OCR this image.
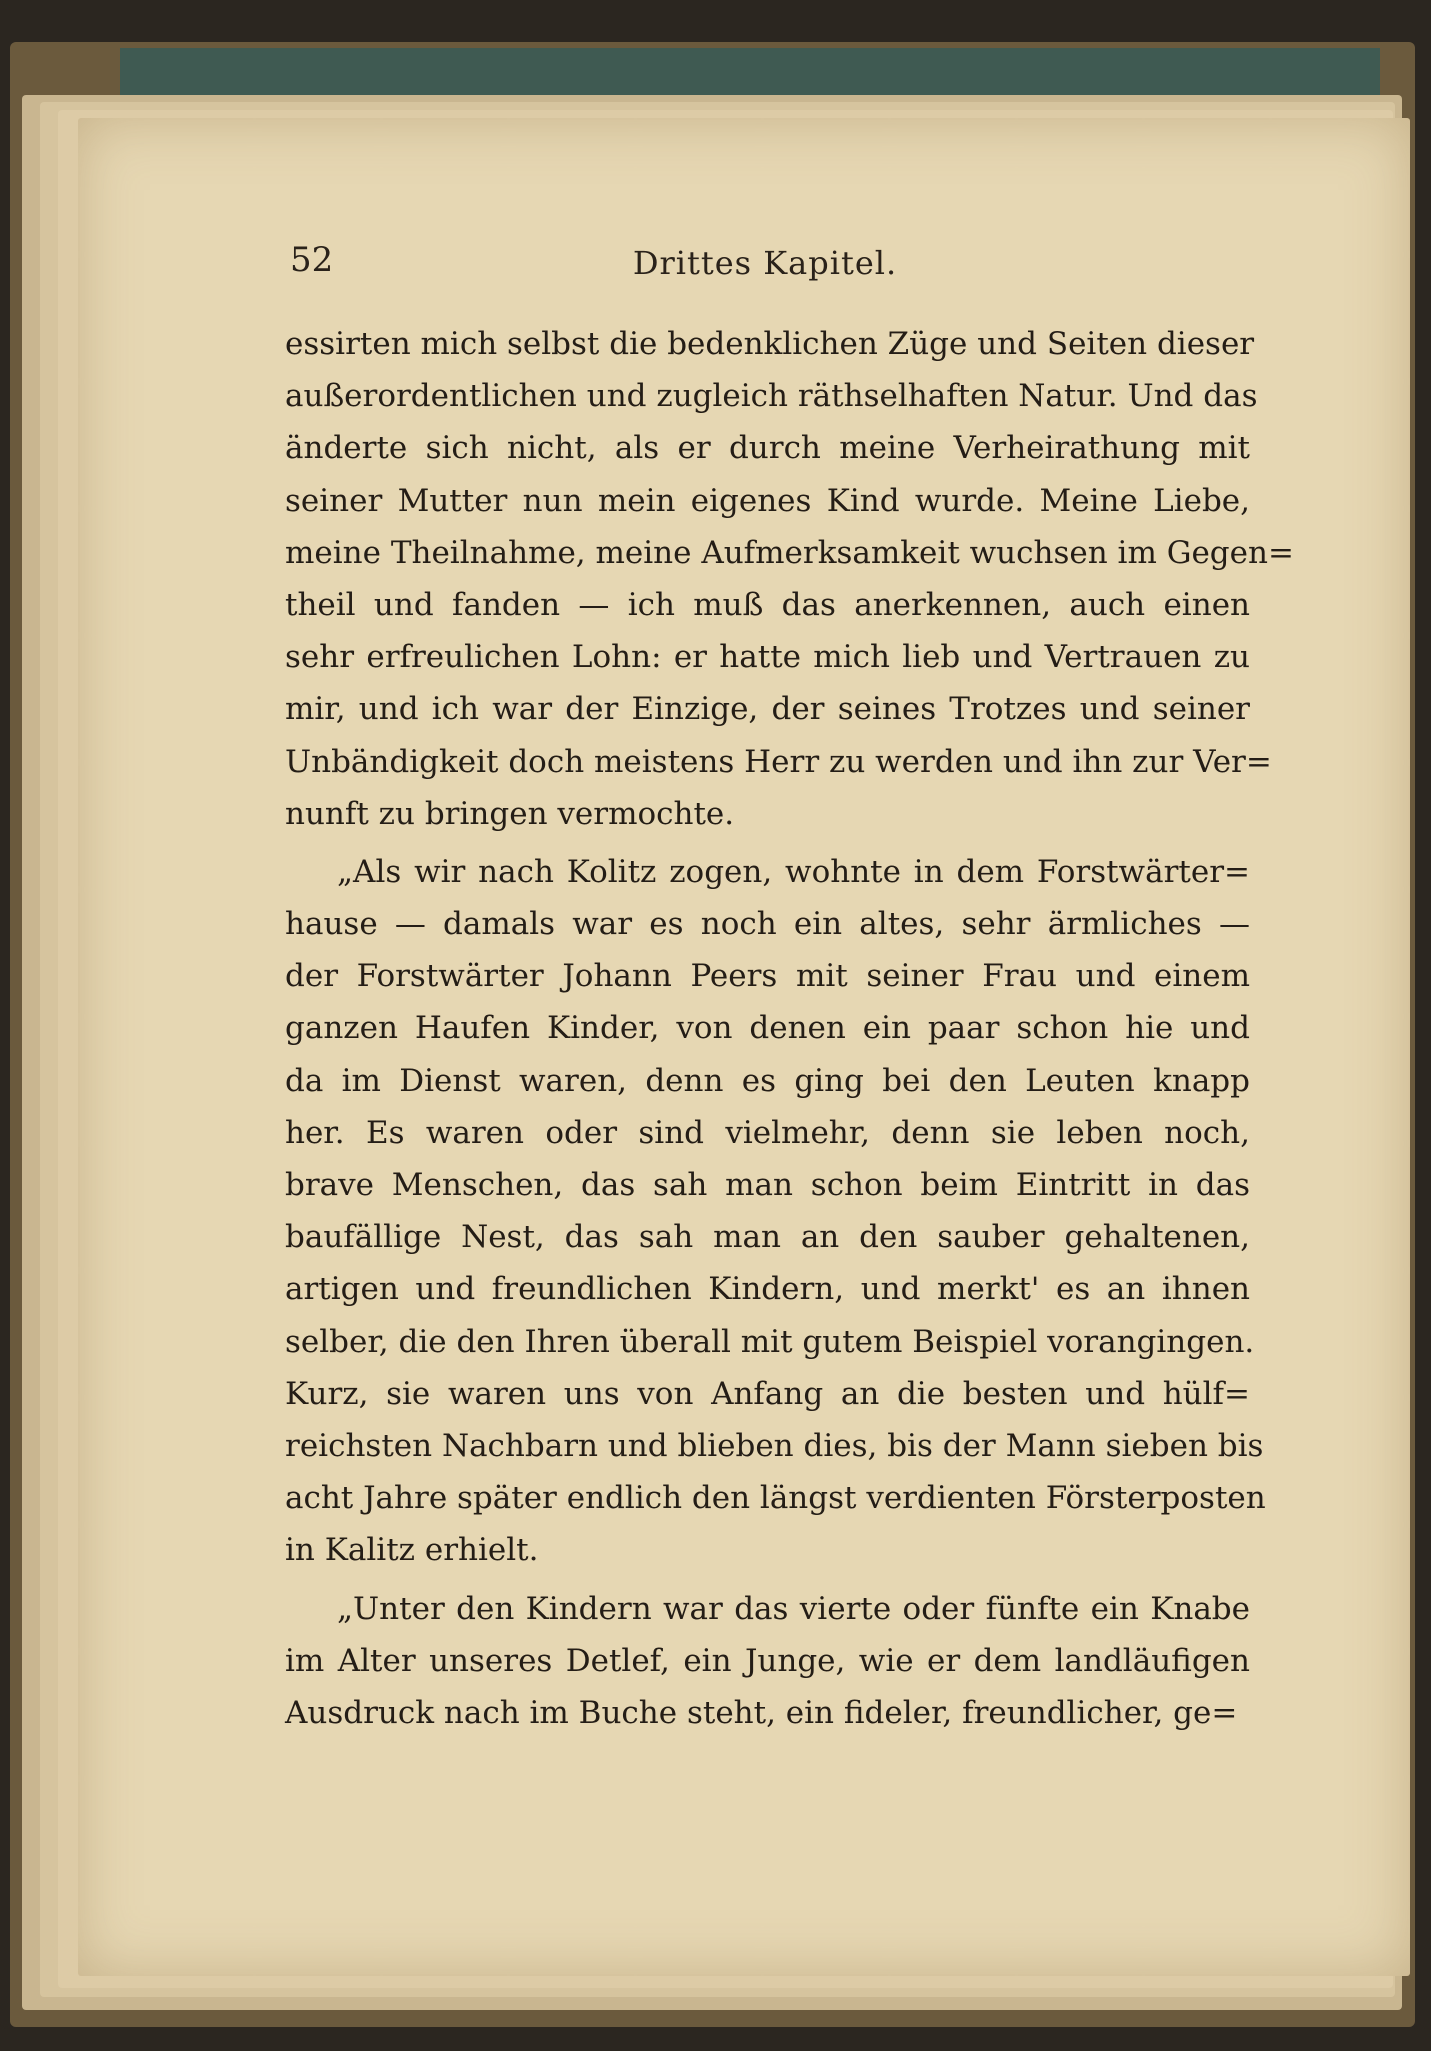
52	Drittes Kapitel.
essirten mich selbst die bedenklichen Züge und Seiten dieser
außerordentlichen und zugleich räthselhaften Natur. Und das
änderte sich nicht, als er durch meine Verheirathung mit
seiner Mutter nun mein eigenes Kind wurde. Meine Liebe,
meine Theilnahme, meine Aufmerksamkeit wuchsen im Gegen=
theil und fanden — ich muß das anerkennen, auch einen
sehr erfreulichen Lohn: er hatte mich lieb und Vertrauen zu
mir, und ich war der Einzige, der seines Trotzes und seiner
Unbändigkeit doch meistens Herr zu werden und ihn zur Ver=
nunft zu bringen vermochte.
„Als wir nach Kolitz zogen, wohnte in dem Forstwärter=
hause — damals war es noch ein altes, sehr ärmliches —
der Forstwärter Johann Peers mit seiner Frau und einem
ganzen Haufen Kinder, von denen ein paar schon hie und
da im Dienst waren, denn es ging bei den Leuten knapp
her. Es waren oder sind vielmehr, denn sie leben noch,
brave Menschen, das sah man schon beim Eintritt in das
baufällige Nest, das sah man an den sauber gehaltenen,
artigen und freundlichen Kindern, und merkt' es an ihnen
selber, die den Ihren überall mit gutem Beispiel vorangingen.
Kurz, sie waren uns von Anfang an die besten und hülf=
reichsten Nachbarn und blieben dies, bis der Mann sieben bis
acht Jahre später endlich den längst verdienten Försterposten
in Kalitz erhielt.
„Unter den Kindern war das vierte oder fünfte ein Knabe
im Alter unseres Detlef, ein Junge, wie er dem landläufigen
Ausdruck nach im Buche steht, ein fideler, freundlicher, ge=
